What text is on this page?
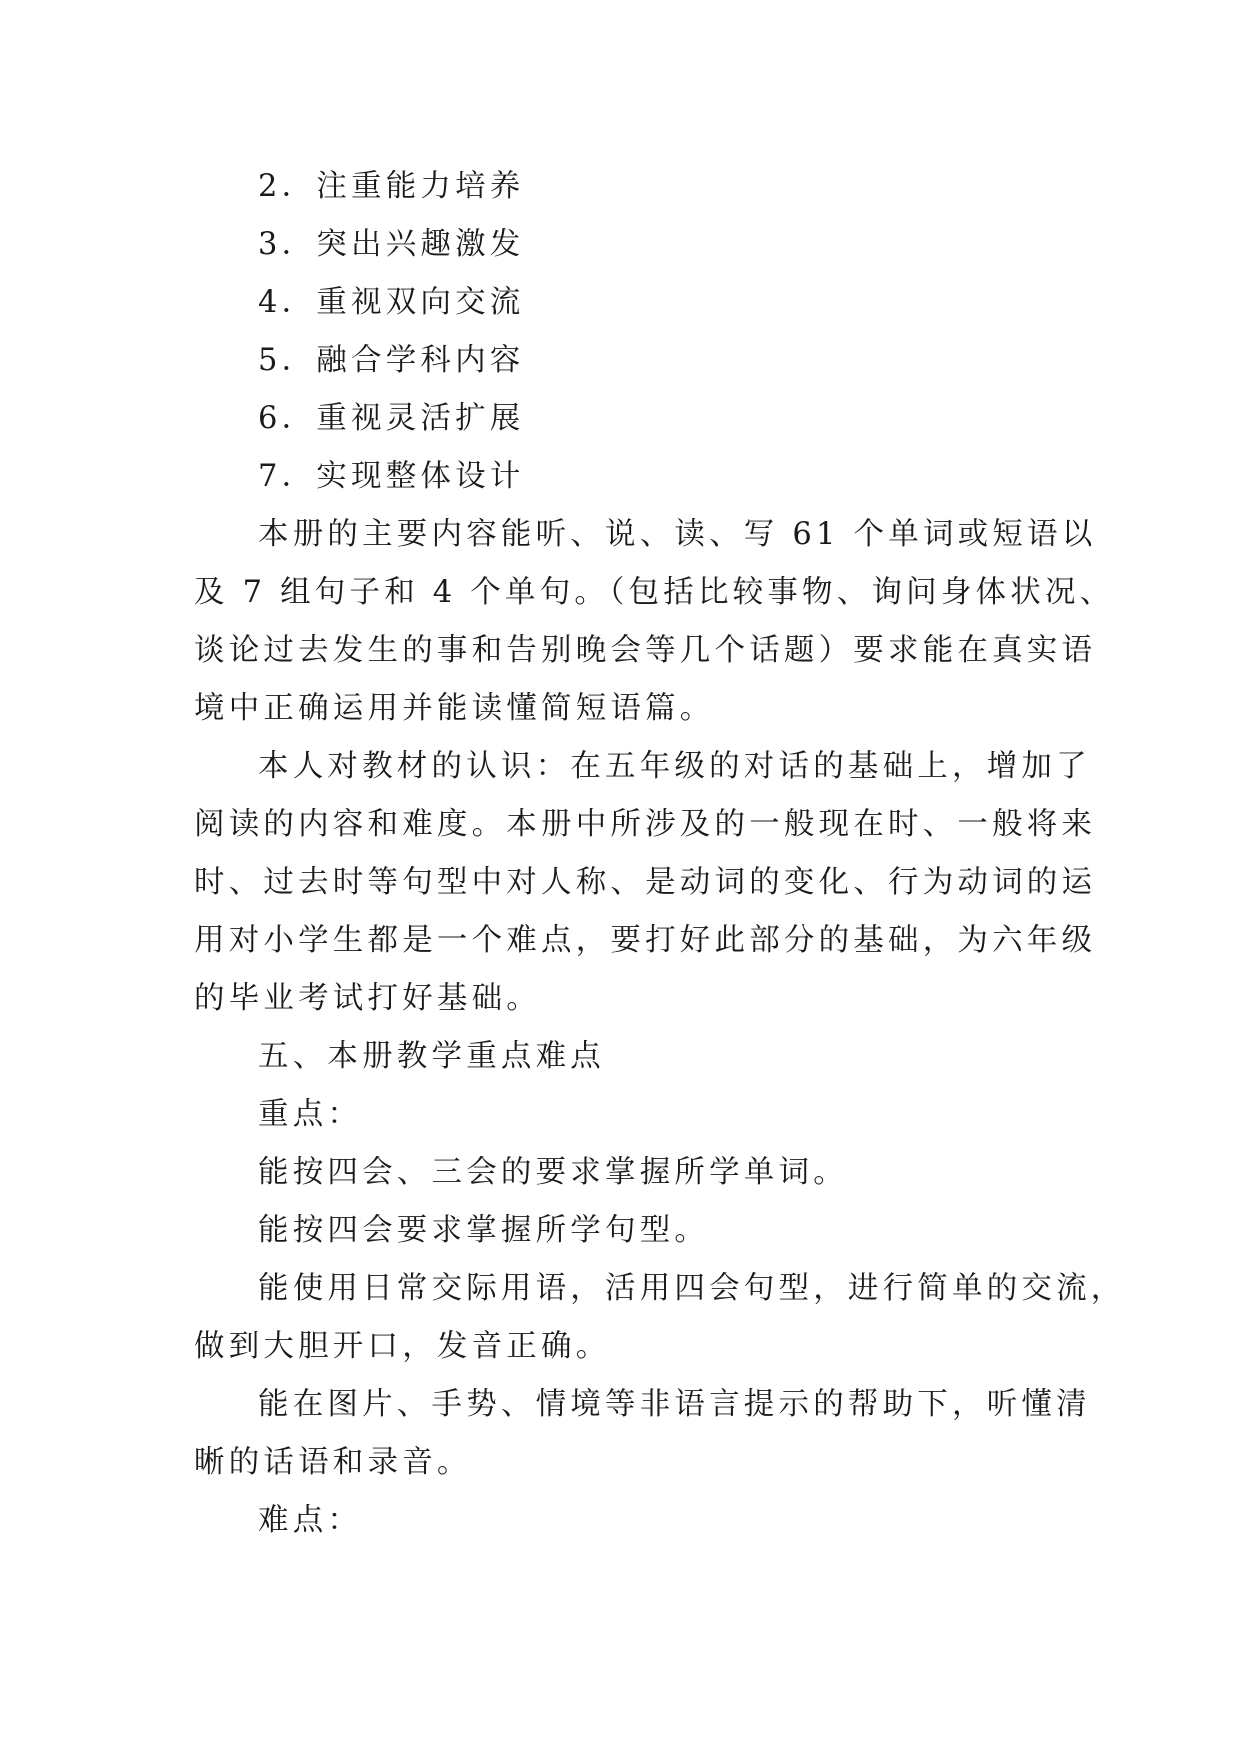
2．注重能力培养
3．突出兴趣激发
4．重视双向交流
5．融合学科内容
6．重视灵活扩展
7．实现整体设计
本册的主要内容能听、说、读、写 61 个单词或短语以
及 7 组句子和 4 个单句。（包括比较事物、询问身体状况、
谈论过去发生的事和告别晚会等几个话题）要求能在真实语
境中正确运用并能读懂简短语篇。
本人对教材的认识：在五年级的对话的基础上，增加了
阅读的内容和难度。本册中所涉及的一般现在时、一般将来
时、过去时等句型中对人称、是动词的变化、行为动词的运
用对小学生都是一个难点，要打好此部分的基础，为六年级
的毕业考试打好基础。
五、本册教学重点难点
重点：
能按四会、三会的要求掌握所学单词。
能按四会要求掌握所学句型。
能使用日常交际用语，活用四会句型，进行简单的交流，
做到大胆开口，发音正确。
能在图片、手势、情境等非语言提示的帮助下，听懂清
晰的话语和录音。
难点：
